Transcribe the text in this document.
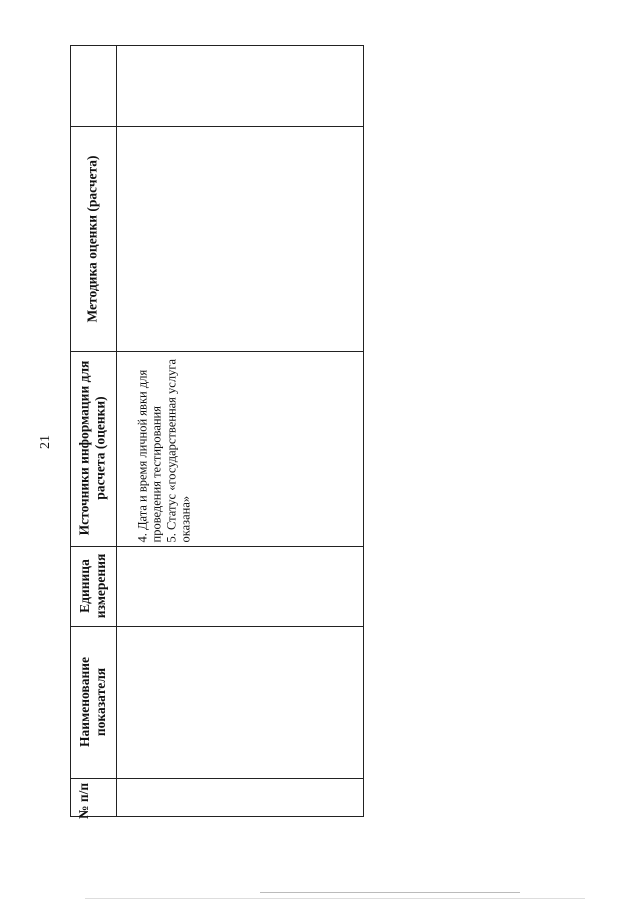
21
№ п/п
Наименование показателя
Единица измерения
Источники информации для расчета (оценки)
Методика оценки (расчета)

4. Дата и время личной явки для проведения тестирования
5. Статус «государственная услуга оказана»
